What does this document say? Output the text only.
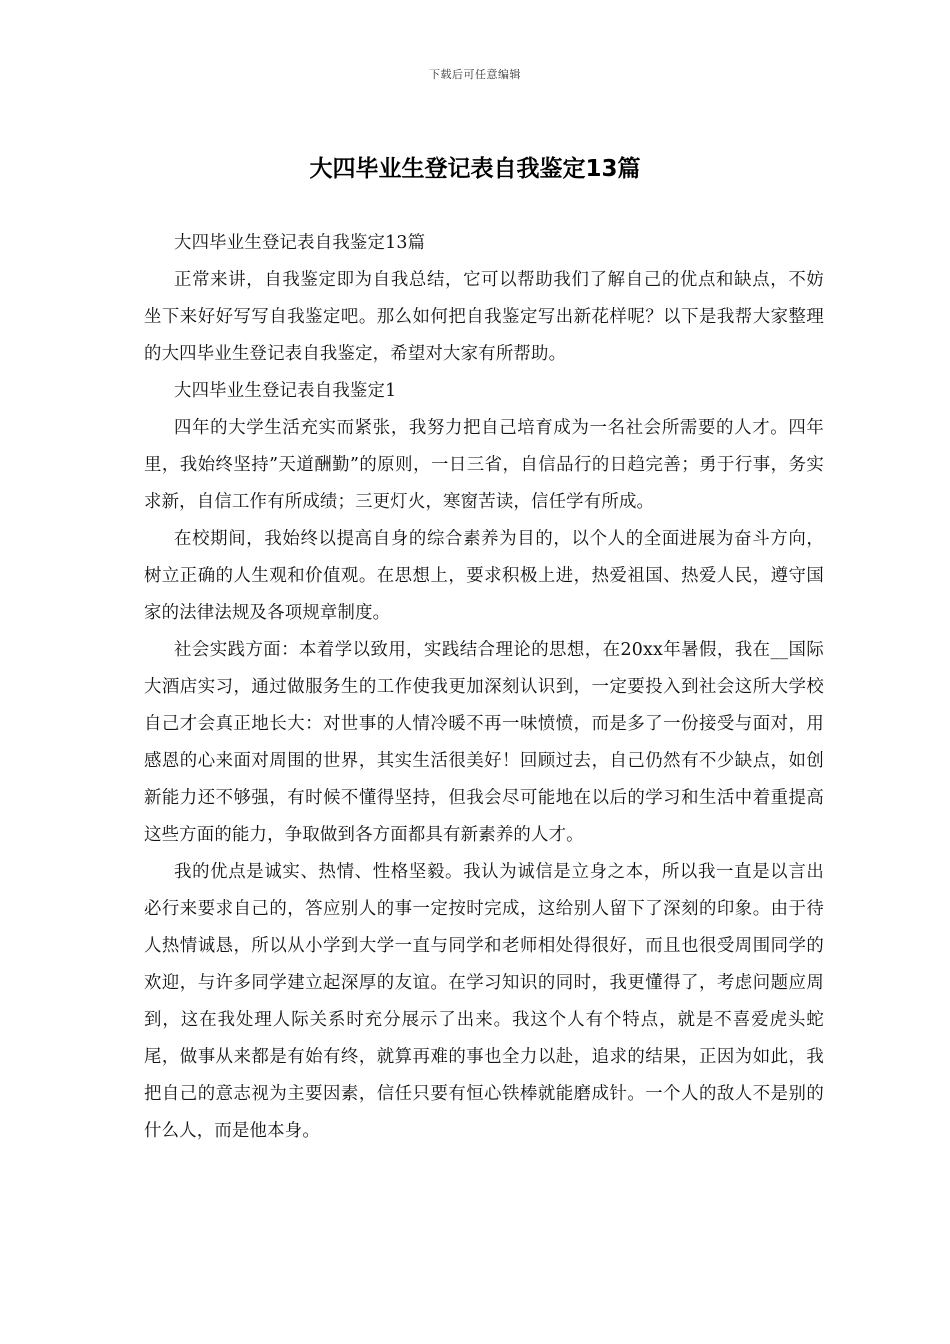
下载后可任意编辑
大四毕业生登记表自我鉴定13篇

大四毕业生登记表自我鉴定13篇

正常来讲，自我鉴定即为自我总结，它可以帮助我们了解自己的优点和缺点，不妨坐下来好好写写自我鉴定吧。那么如何把自我鉴定写出新花样呢？以下是我帮大家整理的大四毕业生登记表自我鉴定，希望对大家有所帮助。

大四毕业生登记表自我鉴定1

四年的大学生活充实而紧张，我努力把自己培育成为一名社会所需要的人才。四年里，我始终坚持”天道酬勤”的原则，一日三省，自信品行的日趋完善；勇于行事，务实求新，自信工作有所成绩；三更灯火，寒窗苦读，信任学有所成。

在校期间，我始终以提高自身的综合素养为目的，以个人的全面进展为奋斗方向，树立正确的人生观和价值观。在思想上，要求积极上进，热爱祖国、热爱人民，遵守国家的法律法规及各项规章制度。

社会实践方面：本着学以致用，实践结合理论的思想，在20xx年暑假，我在__国际大酒店实习，通过做服务生的工作使我更加深刻认识到，一定要投入到社会这所大学校自己才会真正地长大：对世事的人情冷暖不再一味愤愤，而是多了一份接受与面对，用感恩的心来面对周围的世界，其实生活很美好！回顾过去，自己仍然有不少缺点，如创新能力还不够强，有时候不懂得坚持，但我会尽可能地在以后的学习和生活中着重提高这些方面的能力，争取做到各方面都具有新素养的人才。

我的优点是诚实、热情、性格坚毅。我认为诚信是立身之本，所以我一直是以言出必行来要求自己的，答应别人的事一定按时完成，这给别人留下了深刻的印象。由于待人热情诚恳，所以从小学到大学一直与同学和老师相处得很好，而且也很受周围同学的欢迎，与许多同学建立起深厚的友谊。在学习知识的同时，我更懂得了，考虑问题应周到，这在我处理人际关系时充分展示了出来。我这个人有个特点，就是不喜爱虎头蛇尾，做事从来都是有始有终，就算再难的事也全力以赴，追求的结果，正因为如此，我把自己的意志视为主要因素，信任只要有恒心铁棒就能磨成针。一个人的敌人不是别的什么人，而是他本身。
